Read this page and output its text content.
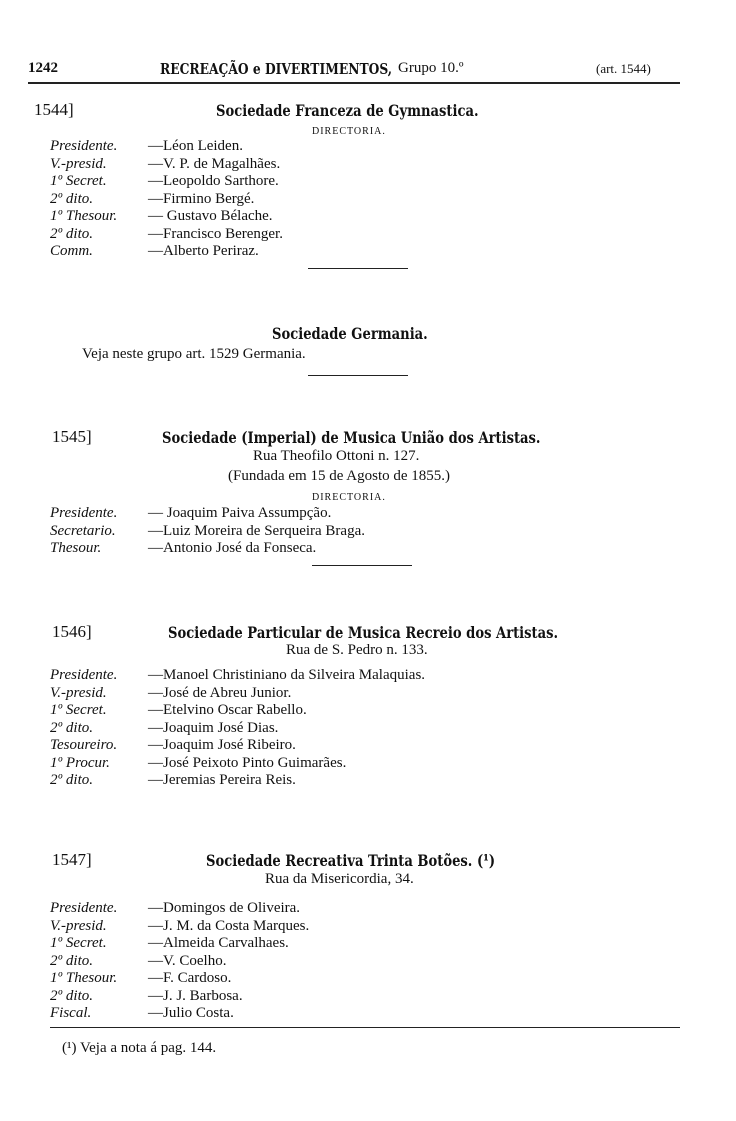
1242	RECREAÇÃO e DIVERTIMENTOS, Grupo 10.º	(art. 1544)
1544]	Sociedade Franceza de Gymnastica.
DIRECTORIA.
Presidente.	—Léon Leiden.
V.-presid.	—V. P. de Magalhães.
1º Secret.	—Leopoldo Sarthore.
2º dito.	—Firmino Bergé.
1º Thesour.	— Gustavo Bélache.
2º dito.	—Francisco Berenger.
Comm.	—Alberto Periraz.
Sociedade Germania.
Veja neste grupo art. 1529 Germania.
1545]	Sociedade (Imperial) de Musica União dos Artistas.
Rua Theofilo Ottoni n. 127.
(Fundada em 15 de Agosto de 1855.)
DIRECTORIA.
Presidente.	— Joaquim Paiva Assumpção.
Secretario.	—Luiz Moreira de Serqueira Braga.
Thesour.	—Antonio José da Fonseca.
1546]	Sociedade Particular de Musica Recreio dos Artistas.
Rua de S. Pedro n. 133.
Presidente.	—Manoel Christiniano da Silveira Malaquias.
V.-presid.	—José de Abreu Junior.
1º Secret.	—Etelvino Oscar Rabello.
2º dito.	—Joaquim José Dias.
Tesoureiro.	—Joaquim José Ribeiro.
1º Procur.	—José Peixoto Pinto Guimarães.
2º dito.	—Jeremias Pereira Reis.
1547]	Sociedade Recreativa Trinta Botões. (¹)
Rua da Misericordia, 34.
Presidente.	—Domingos de Oliveira.
V.-presid.	—J. M. da Costa Marques.
1º Secret.	—Almeida Carvalhaes.
2º dito.	—V. Coelho.
1º Thesour.	—F. Cardoso.
2º dito.	—J. J. Barbosa.
Fiscal.	—Julio Costa.
(¹) Veja a nota á pag. 144.
